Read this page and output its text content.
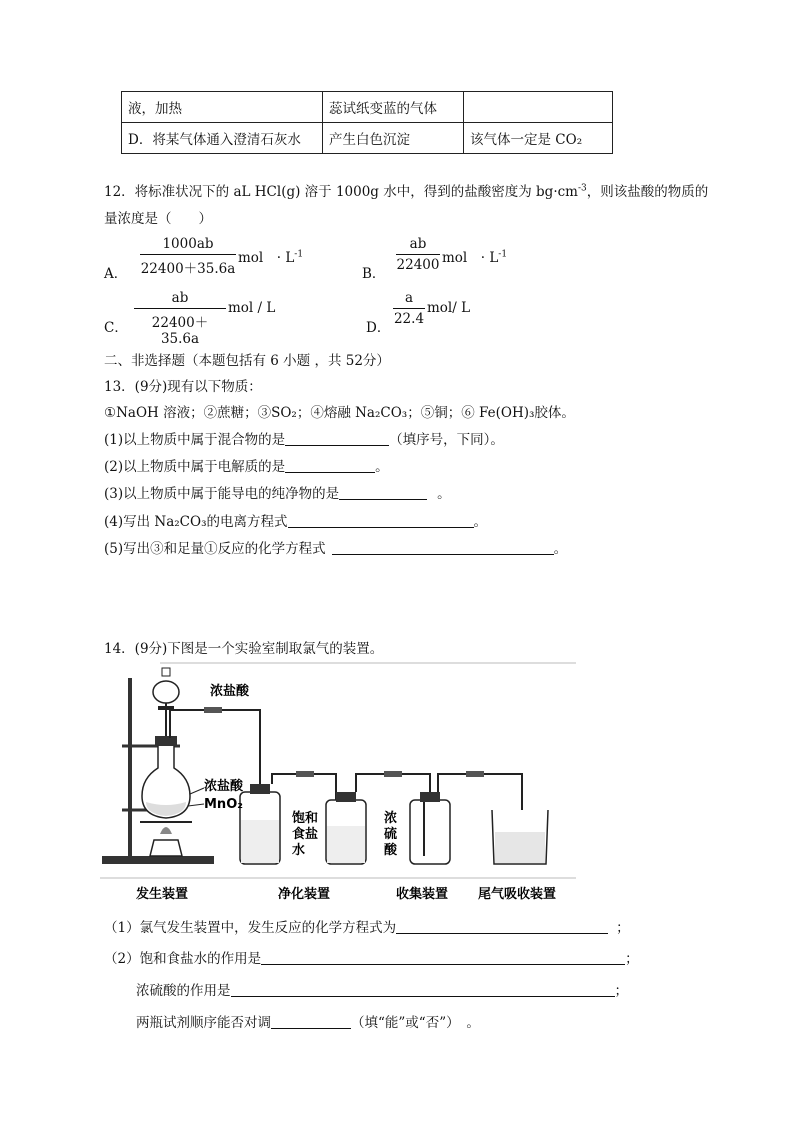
液，加热	蕊试纸变蓝的气体	
D．将某气体通入澄清石灰水	产生白色沉淀	该气体一定是 CO₂
12．将标准状况下的 aL HCl(g) 溶于 1000g 水中，得到的盐酸密度为 $bg\cdot cm^{-3}$，则该盐酸的物质的
量浓度是（　　）
A． $\frac{1000ab}{22400+35.6a}$ mol　· $L^{-1}$
B．
$\frac{ab}{22400}$ mol　· $L^{-1}$
C． $\frac{ab}{22400+35.6a}$ mol / L
D．
$\frac{a}{22.4} mol/$ L
二、非选择题（本题包括有 6 小题 ，共 52分）
13．(9分)现有以下物质：
①NaOH 溶液；②蔗糖；③SO₂；④熔融 Na₂CO₃；⑤铜；⑥ Fe(OH)₃胶体。
(1)以上物质中属于混合物的是	（填序号，下同）。
(2)以上物质中属于电解质的是	。
(3)以上物质中属于能导电的纯净物的是	。
(4)写出 Na₂CO₃的电离方程式	。
(5)写出③和足量①反应的化学方程式	。
14．(9分)下图是一个实验室制取氯气的装置。
浓盐酸
浓盐酸
MnO₂
饱和
食盐
水
浓
硫
酸
发生装置	净化装置	收集装置 尾气吸收装置
（1）氯气发生装置中，发生反应的化学方程式为	；
（2）饱和食盐水的作用是	；
浓硫酸的作用是	；
两瓶试剂顺序能否对调	（填“能”或“否”）　。
